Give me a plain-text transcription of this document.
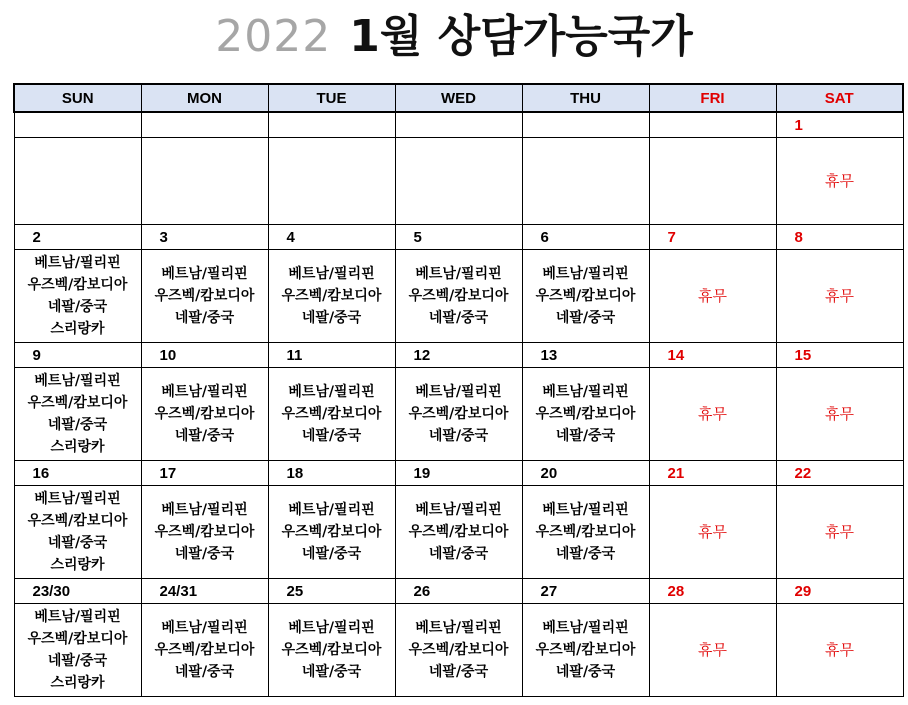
2022 1월 상담가능국가
SUN	MON	TUE	WED	THU	FRI	SAT
						1

						휴무

2	3	4	5	6	7	8

베트남/필리핀
우즈벡/캄보디아
네팔/중국
스리랑카	베트남/필리핀
우즈벡/캄보디아
네팔/중국	베트남/필리핀
우즈벡/캄보디아
네팔/중국	베트남/필리핀
우즈벡/캄보디아
네팔/중국	베트남/필리핀
우즈벡/캄보디아
네팔/중국	휴무	휴무

9	10	11	12	13	14	15

베트남/필리핀
우즈벡/캄보디아
네팔/중국
스리랑카	베트남/필리핀
우즈벡/캄보디아
네팔/중국	베트남/필리핀
우즈벡/캄보디아
네팔/중국	베트남/필리핀
우즈벡/캄보디아
네팔/중국	베트남/필리핀
우즈벡/캄보디아
네팔/중국	휴무	휴무

16	17	18	19	20	21	22

베트남/필리핀
우즈벡/캄보디아
네팔/중국
스리랑카	베트남/필리핀
우즈벡/캄보디아
네팔/중국	베트남/필리핀
우즈벡/캄보디아
네팔/중국	베트남/필리핀
우즈벡/캄보디아
네팔/중국	베트남/필리핀
우즈벡/캄보디아
네팔/중국	휴무	휴무

23/30	24/31	25	26	27	28	29

베트남/필리핀
우즈벡/캄보디아
네팔/중국
스리랑카	베트남/필리핀
우즈벡/캄보디아
네팔/중국	베트남/필리핀
우즈벡/캄보디아
네팔/중국	베트남/필리핀
우즈벡/캄보디아
네팔/중국	베트남/필리핀
우즈벡/캄보디아
네팔/중국	휴무	휴무
